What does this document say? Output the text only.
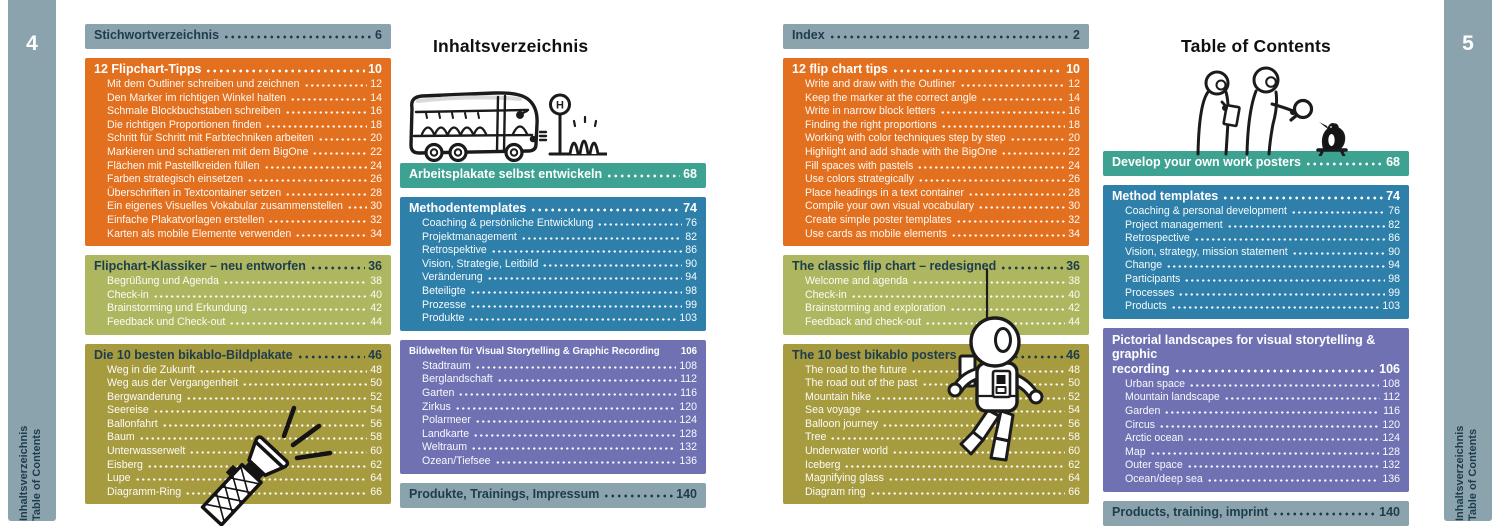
4
Inhaltsverzeichnis Table of Contents
5
Inhaltsverzeichnis Table of Contents
Inhaltsverzeichnis	Table of Contents
Stichwortverzeichnis	6
12 Flipchart-Tipps	10
Mit dem Outliner schreiben und zeichnen	12
Den Marker im richtigen Winkel halten	14
Schmale Blockbuchstaben schreiben	16
Die richtigen Proportionen finden	18
Schritt für Schritt mit Farbtechniken arbeiten	20
Markieren und schattieren mit dem BigOne	22
Flächen mit Pastellkreiden füllen	24
Farben strategisch einsetzen	26
Überschriften in Textcontainer setzen	28
Ein eigenes Visuelles Vokabular zusammenstellen	30
Einfache Plakatvorlagen erstellen	32
Karten als mobile Elemente verwenden	34
Flipchart-Klassiker – neu entworfen	36
Begrüßung und Agenda	38
Check-in	40
Brainstorming und Erkundung	42
Feedback und Check-out	44
Die 10 besten bikablo-Bildplakate	46
Weg in die Zukunft	48
Weg aus der Vergangenheit	50
Bergwanderung	52
Seereise	54
Ballonfahrt	56
Baum	58
Unterwasserwelt	60
Eisberg	62
Lupe	64
Diagramm-Ring	66
Arbeitsplakate selbst entwickeln	68
Methodentemplates	74
Coaching & persönliche Entwicklung	76
Projektmanagement	82
Retrospektive	86
Vision, Strategie, Leitbild	90
Veränderung	94
Beteiligte	98
Prozesse	99
Produkte	103
Bildwelten für Visual Storytelling & Graphic Recording 106
Stadtraum	108
Berglandschaft	112
Garten	116
Zirkus	120
Polarmeer	124
Landkarte	128
Weltraum	132
Ozean/Tiefsee	136
Produkte, Trainings, Impressum	140
Index	2
12 flip chart tips	10
Write and draw with the Outliner	12
Keep the marker at the correct angle	14
Write in narrow block letters	16
Finding the right proportions	18
Working with color techniques step by step	20
Highlight and add shade with the BigOne	22
Fill spaces with pastels	24
Use colors strategically	26
Place headings in a text container	28
Compile your own visual vocabulary	30
Create simple poster templates	32
Use cards as mobile elements	34
The classic flip chart – redesigned	36
Welcome and agenda	38
Check-in	40
Brainstorming and exploration	42
Feedback and check-out	44
The 10 best bikablo posters	46
The road to the future	48
The road out of the past	50
Mountain hike	52
Sea voyage	54
Balloon journey	56
Tree	58
Underwater world	60
Iceberg	62
Magnifying glass	64
Diagram ring	66
Develop your own work posters	68
Method templates	74
Coaching & personal development	76
Project management	82
Retrospective	86
Vision, strategy, mission statement	90
Change	94
Participants	98
Processes	99
Products	103
Pictorial landscapes for visual storytelling & graphic
recording	106
Urban space	108
Mountain landscape	112
Garden	116
Circus	120
Arctic ocean	124
Map	128
Outer space	132
Ocean/deep sea	136
Products, training, imprint	140
H
